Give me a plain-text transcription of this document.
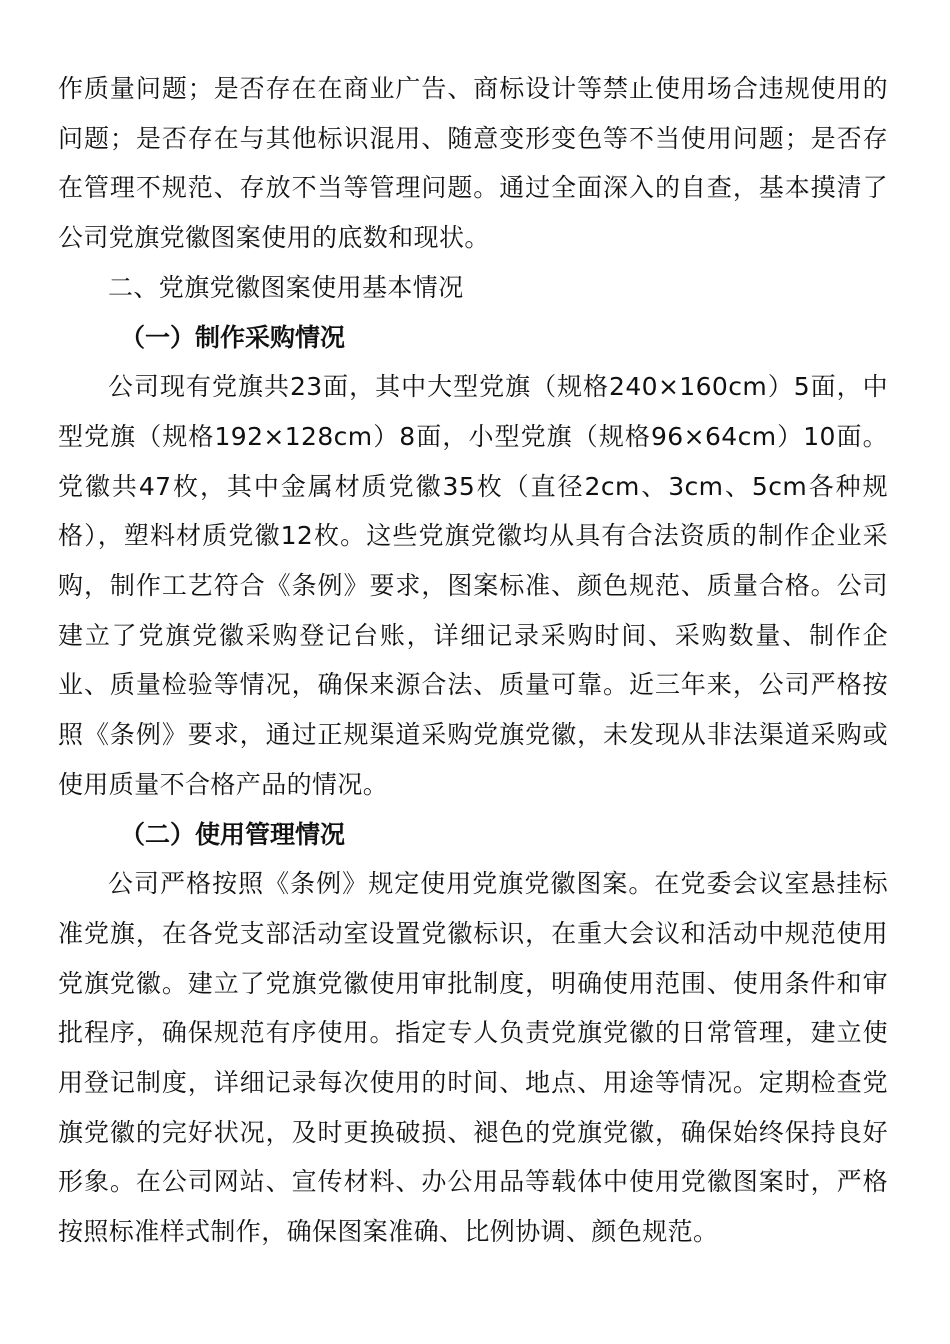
作质量问题；是否存在在商业广告、商标设计等禁止使用场合违规使用的问题；是否存在与其他标识混用、随意变形变色等不当使用问题；是否存在管理不规范、存放不当等管理问题。通过全面深入的自查，基本摸清了公司党旗党徽图案使用的底数和现状。

二、党旗党徽图案使用基本情况

（一）制作采购情况

公司现有党旗共23面，其中大型党旗（规格240×160cm）5面，中型党旗（规格192×128cm）8面，小型党旗（规格96×64cm）10面。党徽共47枚，其中金属材质党徽35枚（直径2cm、3cm、5cm各种规格），塑料材质党徽12枚。这些党旗党徽均从具有合法资质的制作企业采购，制作工艺符合《条例》要求，图案标准、颜色规范、质量合格。公司建立了党旗党徽采购登记台账，详细记录采购时间、采购数量、制作企业、质量检验等情况，确保来源合法、质量可靠。近三年来，公司严格按照《条例》要求，通过正规渠道采购党旗党徽，未发现从非法渠道采购或使用质量不合格产品的情况。

（二）使用管理情况

公司严格按照《条例》规定使用党旗党徽图案。在党委会议室悬挂标准党旗，在各党支部活动室设置党徽标识，在重大会议和活动中规范使用党旗党徽。建立了党旗党徽使用审批制度，明确使用范围、使用条件和审批程序，确保规范有序使用。指定专人负责党旗党徽的日常管理，建立使用登记制度，详细记录每次使用的时间、地点、用途等情况。定期检查党旗党徽的完好状况，及时更换破损、褪色的党旗党徽，确保始终保持良好形象。在公司网站、宣传材料、办公用品等载体中使用党徽图案时，严格按照标准样式制作，确保图案准确、比例协调、颜色规范。
